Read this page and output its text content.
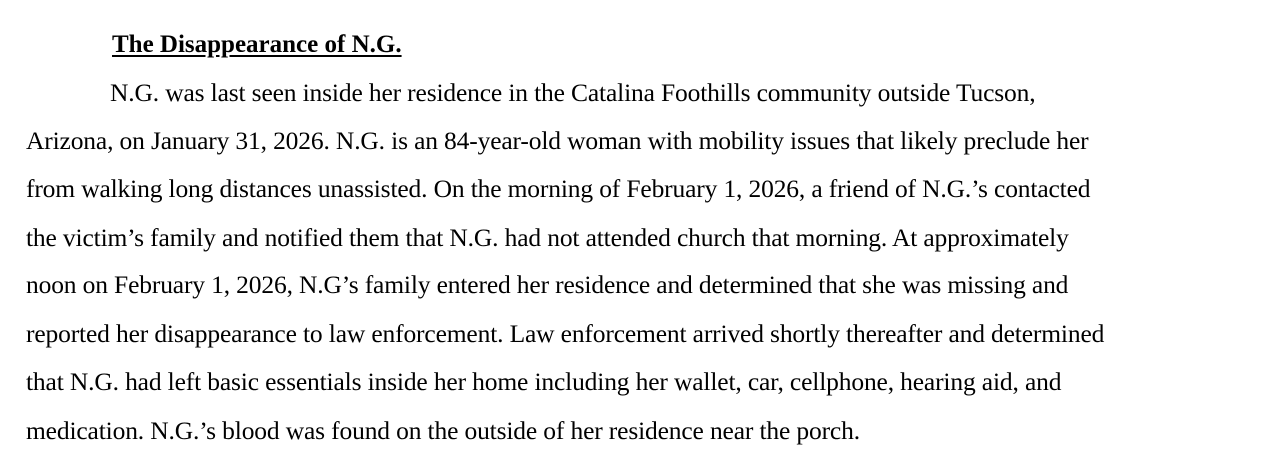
The Disappearance of N.G.
N.G. was last seen inside her residence in the Catalina Foothills community outside Tucson,
Arizona, on January 31, 2026. N.G. is an 84-year-old woman with mobility issues that likely preclude her
from walking long distances unassisted. On the morning of February 1, 2026, a friend of N.G.’s contacted
the victim’s family and notified them that N.G. had not attended church that morning. At approximately
noon on February 1, 2026, N.G’s family entered her residence and determined that she was missing and
reported her disappearance to law enforcement. Law enforcement arrived shortly thereafter and determined
that N.G. had left basic essentials inside her home including her wallet, car, cellphone, hearing aid, and
medication. N.G.’s blood was found on the outside of her residence near the porch.
